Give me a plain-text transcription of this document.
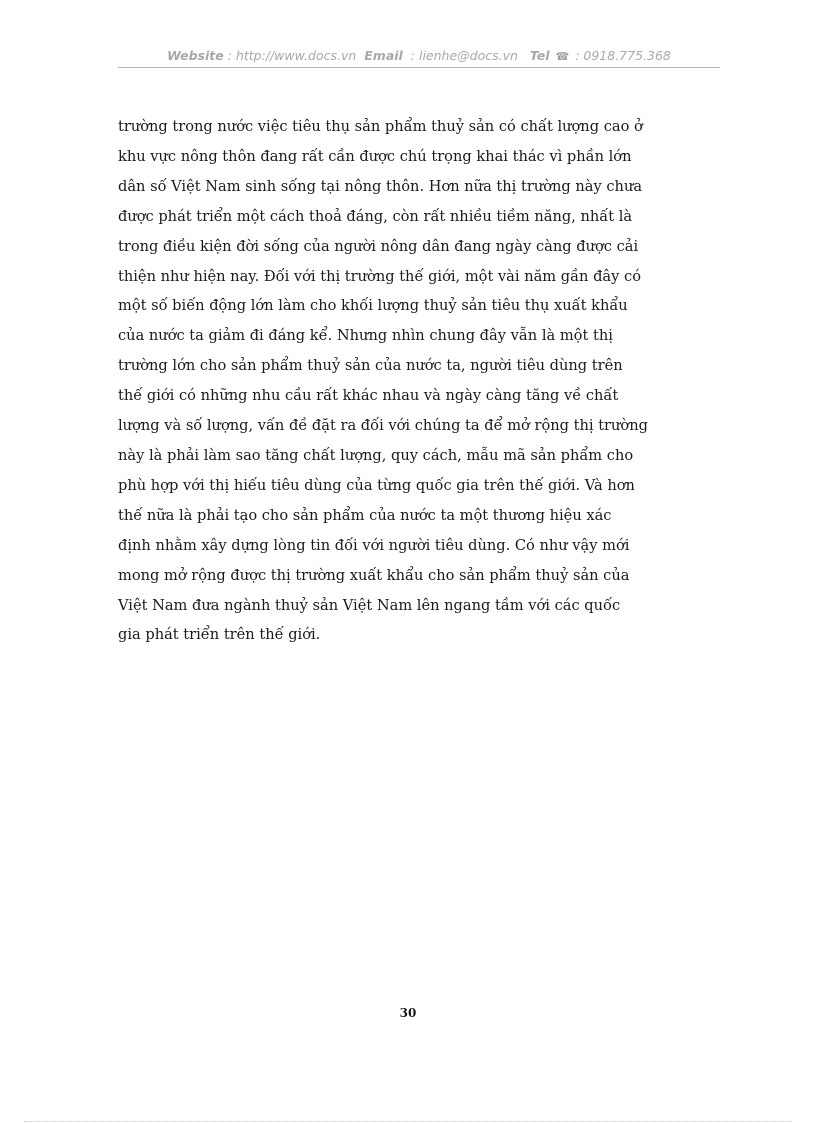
Website : http://www.docs.vn Email  : lienhe@docs.vn Tel ☎ : 0918.775.368

trường trong nước việc tiêu thụ sản phẩm thuỷ sản có chất lượng cao ở
khu vực nông thôn đang rất cần được chú trọng khai thác vì phần lớn
dân số Việt Nam sinh sống tại nông thôn. Hơn nữa thị trường này chưa
được phát triển một cách thoả đáng, còn rất nhiều tiềm năng, nhất là
trong điều kiện đời sống của người nông dân đang ngày càng được cải
thiện như hiện nay. Đối với thị trường thế giới, một vài năm gần đây có
một số biến động lớn làm cho khối lượng thuỷ sản tiêu thụ xuất khẩu
của nước ta giảm đi đáng kể. Nhưng nhìn chung đây vẫn là một thị
trường lớn cho sản phẩm thuỷ sản của nước ta, người tiêu dùng trên
thế giới có những nhu cầu rất khác nhau và ngày càng tăng về chất
lượng và số lượng, vấn đề đặt ra đối với chúng ta để mở rộng thị trường
này là phải làm sao tăng chất lượng, quy cách, mẫu mã sản phẩm cho
phù hợp với thị hiếu tiêu dùng của từng quốc gia trên thế giới. Và hơn
thế nữa là phải tạo cho sản phẩm của nước ta một thương hiệu xác
định nhằm xây dựng lòng tin đối với người tiêu dùng. Có như vậy mới
mong mở rộng được thị trường xuất khẩu cho sản phẩm thuỷ sản của
Việt Nam đưa ngành thuỷ sản Việt Nam lên ngang tầm với các quốc
gia phát triển trên thế giới.

30
